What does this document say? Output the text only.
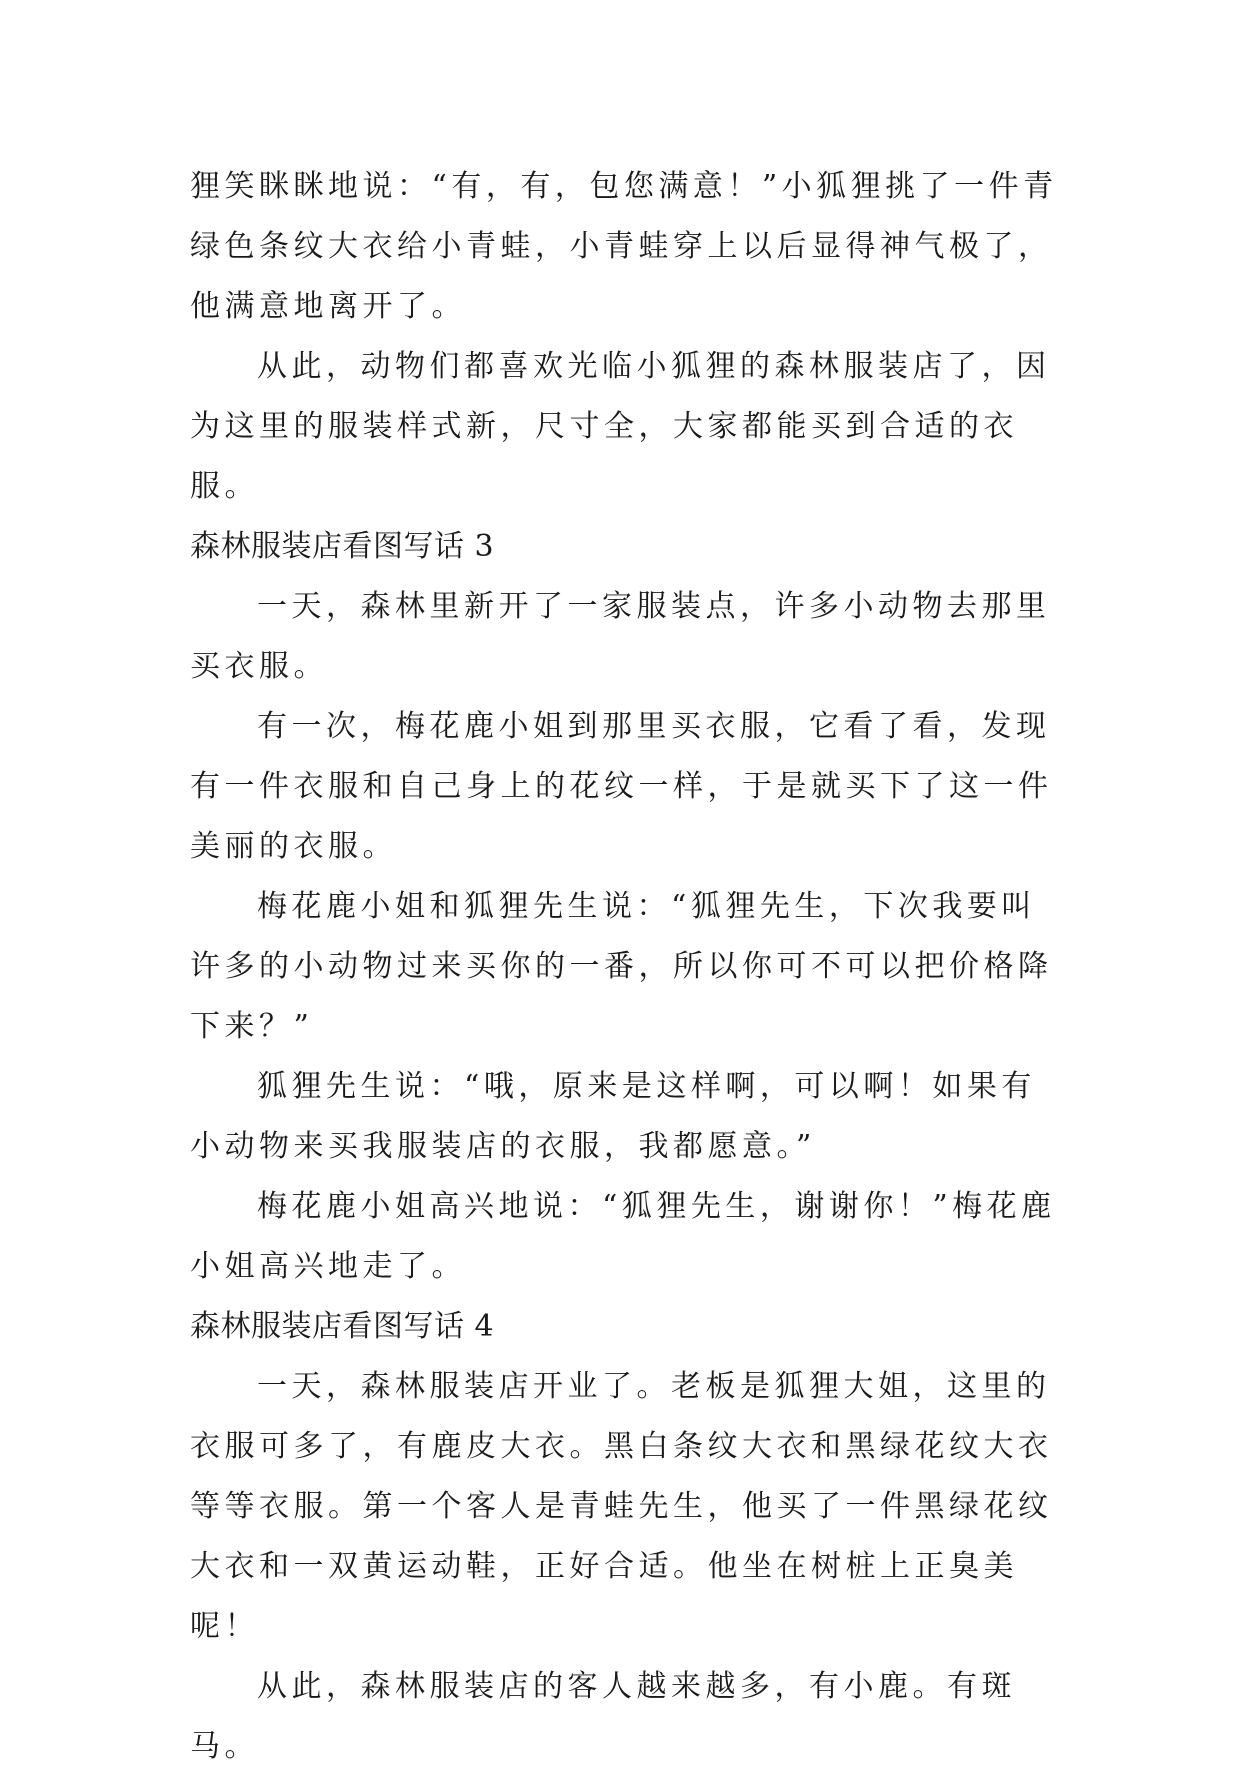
狸笑眯眯地说：“有，有，包您满意！”小狐狸挑了一件青绿色条纹大衣给小青蛙，小青蛙穿上以后显得神气极了，他满意地离开了。

从此，动物们都喜欢光临小狐狸的森林服装店了，因为这里的服装样式新，尺寸全，大家都能买到合适的衣服。

森林服装店看图写话 3

一天，森林里新开了一家服装点，许多小动物去那里买衣服。

有一次，梅花鹿小姐到那里买衣服，它看了看，发现有一件衣服和自己身上的花纹一样，于是就买下了这一件美丽的衣服。

梅花鹿小姐和狐狸先生说：“狐狸先生，下次我要叫许多的小动物过来买你的一番，所以你可不可以把价格降下来？”

狐狸先生说：“哦，原来是这样啊，可以啊！如果有小动物来买我服装店的衣服，我都愿意。”

梅花鹿小姐高兴地说：“狐狸先生，谢谢你！”梅花鹿小姐高兴地走了。

森林服装店看图写话 4

一天，森林服装店开业了。老板是狐狸大姐，这里的衣服可多了，有鹿皮大衣。黑白条纹大衣和黑绿花纹大衣等等衣服。第一个客人是青蛙先生，他买了一件黑绿花纹大衣和一双黄运动鞋，正好合适。他坐在树桩上正臭美呢！

从此，森林服装店的客人越来越多，有小鹿。有斑马。
